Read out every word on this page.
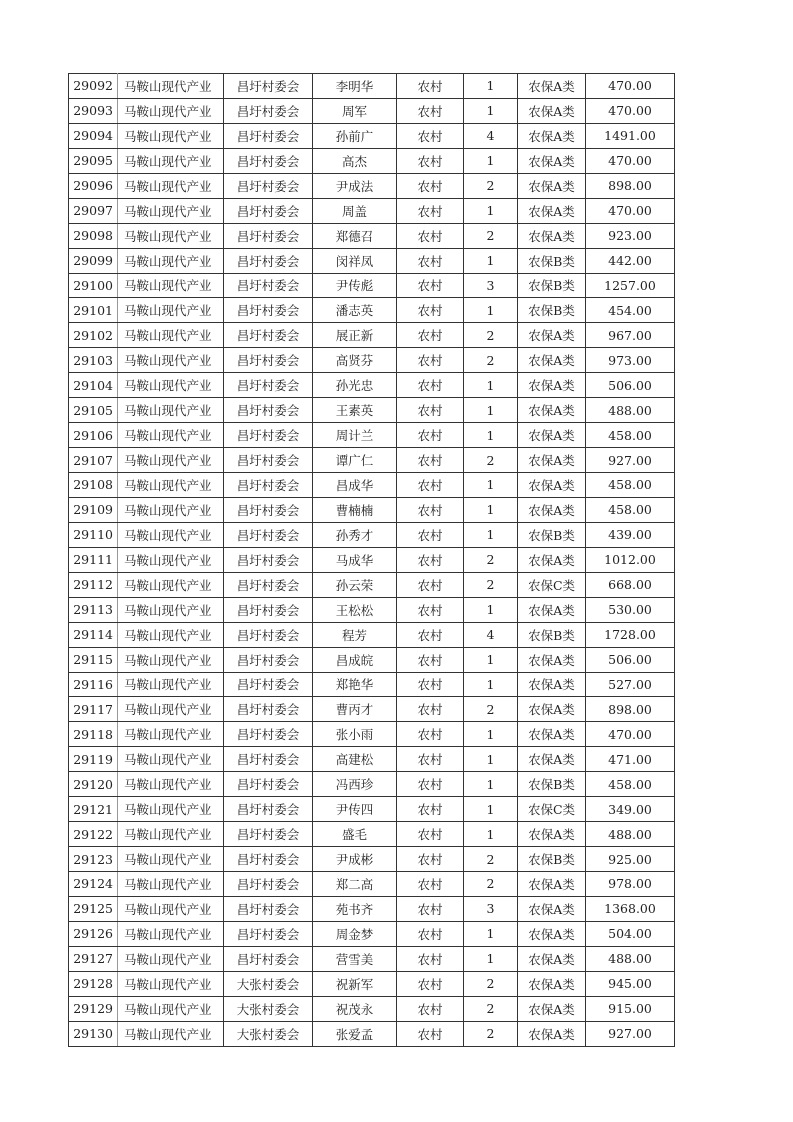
29092	马鞍山现代产业	昌圩村委会	李明华	农村	1	农保A类	470.00
29093	马鞍山现代产业	昌圩村委会	周军	农村	1	农保A类	470.00
29094	马鞍山现代产业	昌圩村委会	孙前广	农村	4	农保A类	1491.00
29095	马鞍山现代产业	昌圩村委会	高杰	农村	1	农保A类	470.00
29096	马鞍山现代产业	昌圩村委会	尹成法	农村	2	农保A类	898.00
29097	马鞍山现代产业	昌圩村委会	周盖	农村	1	农保A类	470.00
29098	马鞍山现代产业	昌圩村委会	郑德召	农村	2	农保A类	923.00
29099	马鞍山现代产业	昌圩村委会	闵祥凤	农村	1	农保B类	442.00
29100	马鞍山现代产业	昌圩村委会	尹传彪	农村	3	农保B类	1257.00
29101	马鞍山现代产业	昌圩村委会	潘志英	农村	1	农保B类	454.00
29102	马鞍山现代产业	昌圩村委会	展正新	农村	2	农保A类	967.00
29103	马鞍山现代产业	昌圩村委会	高贤芬	农村	2	农保A类	973.00
29104	马鞍山现代产业	昌圩村委会	孙光忠	农村	1	农保A类	506.00
29105	马鞍山现代产业	昌圩村委会	王素英	农村	1	农保A类	488.00
29106	马鞍山现代产业	昌圩村委会	周计兰	农村	1	农保A类	458.00
29107	马鞍山现代产业	昌圩村委会	谭广仁	农村	2	农保A类	927.00
29108	马鞍山现代产业	昌圩村委会	昌成华	农村	1	农保A类	458.00
29109	马鞍山现代产业	昌圩村委会	曹楠楠	农村	1	农保A类	458.00
29110	马鞍山现代产业	昌圩村委会	孙秀才	农村	1	农保B类	439.00
29111	马鞍山现代产业	昌圩村委会	马成华	农村	2	农保A类	1012.00
29112	马鞍山现代产业	昌圩村委会	孙云荣	农村	2	农保C类	668.00
29113	马鞍山现代产业	昌圩村委会	王松松	农村	1	农保A类	530.00
29114	马鞍山现代产业	昌圩村委会	程芳	农村	4	农保B类	1728.00
29115	马鞍山现代产业	昌圩村委会	昌成皖	农村	1	农保A类	506.00
29116	马鞍山现代产业	昌圩村委会	郑艳华	农村	1	农保A类	527.00
29117	马鞍山现代产业	昌圩村委会	曹丙才	农村	2	农保A类	898.00
29118	马鞍山现代产业	昌圩村委会	张小雨	农村	1	农保A类	470.00
29119	马鞍山现代产业	昌圩村委会	高建松	农村	1	农保A类	471.00
29120	马鞍山现代产业	昌圩村委会	冯西珍	农村	1	农保B类	458.00
29121	马鞍山现代产业	昌圩村委会	尹传四	农村	1	农保C类	349.00
29122	马鞍山现代产业	昌圩村委会	盛毛	农村	1	农保A类	488.00
29123	马鞍山现代产业	昌圩村委会	尹成彬	农村	2	农保B类	925.00
29124	马鞍山现代产业	昌圩村委会	郑二高	农村	2	农保A类	978.00
29125	马鞍山现代产业	昌圩村委会	苑书齐	农村	3	农保A类	1368.00
29126	马鞍山现代产业	昌圩村委会	周金梦	农村	1	农保A类	504.00
29127	马鞍山现代产业	昌圩村委会	营雪美	农村	1	农保A类	488.00
29128	马鞍山现代产业	大张村委会	祝新军	农村	2	农保A类	945.00
29129	马鞍山现代产业	大张村委会	祝茂永	农村	2	农保A类	915.00
29130	马鞍山现代产业	大张村委会	张爱孟	农村	2	农保A类	927.00
